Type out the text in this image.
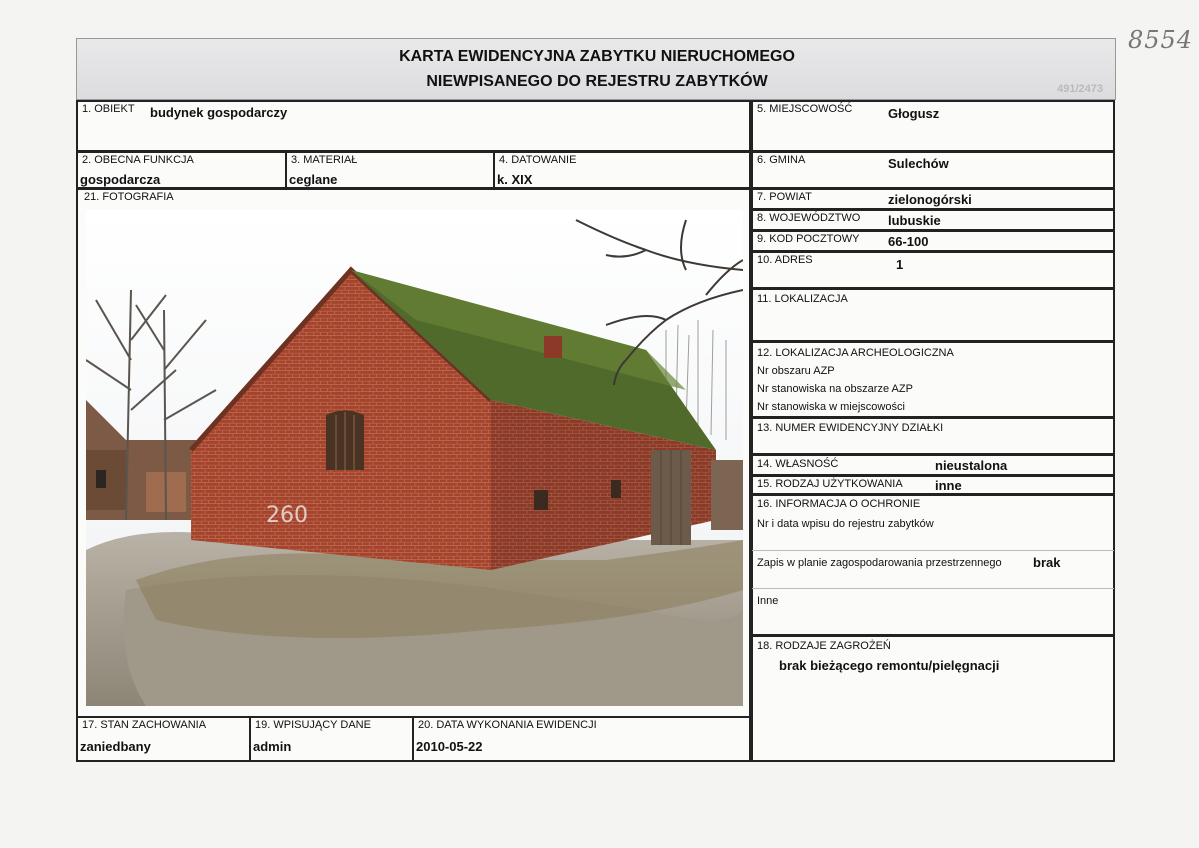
KARTA EWIDENCYJNA ZABYTKU NIERUCHOMEGO
NIEWPISANEGO DO REJESTRU ZABYTKÓW	491/2473
8554
1. OBIEKT budynek gospodarczy
2. OBECNA FUNKCJA
gospodarcza
3. MATERIAŁ
ceglane
4. DATOWANIE
k. XIX
21. FOTOGRAFIA
260
17. STAN ZACHOWANIA
zaniedbany
19. WPISUJĄCY DANE
admin
20. DATA WYKONANIA EWIDENCJI
2010-05-22
5. MIEJSCOWOŚĆ	Głogusz
6. GMINA	Sulechów
7. POWIAT	zielonogórski
8. WOJEWÓDZTWO lubuskie
9. KOD POCZTOWY 66-100
10. ADRES	1
11. LOKALIZACJA
12. LOKALIZACJA ARCHEOLOGICZNA
Nr obszaru AZP
Nr stanowiska na obszarze AZP
Nr stanowiska w miejscowości
13. NUMER EWIDENCYJNY DZIAŁKI
14. WŁASNOŚĆ	nieustalona
15. RODZAJ UŻYTKOWANIA inne
16. INFORMACJA O OCHRONIE
Nr i data wpisu do rejestru zabytków
Zapis w planie zagospodarowania przestrzennego brak
Inne
18. RODZAJE ZAGROŻEŃ
brak bieżącego remontu/pielęgnacji
